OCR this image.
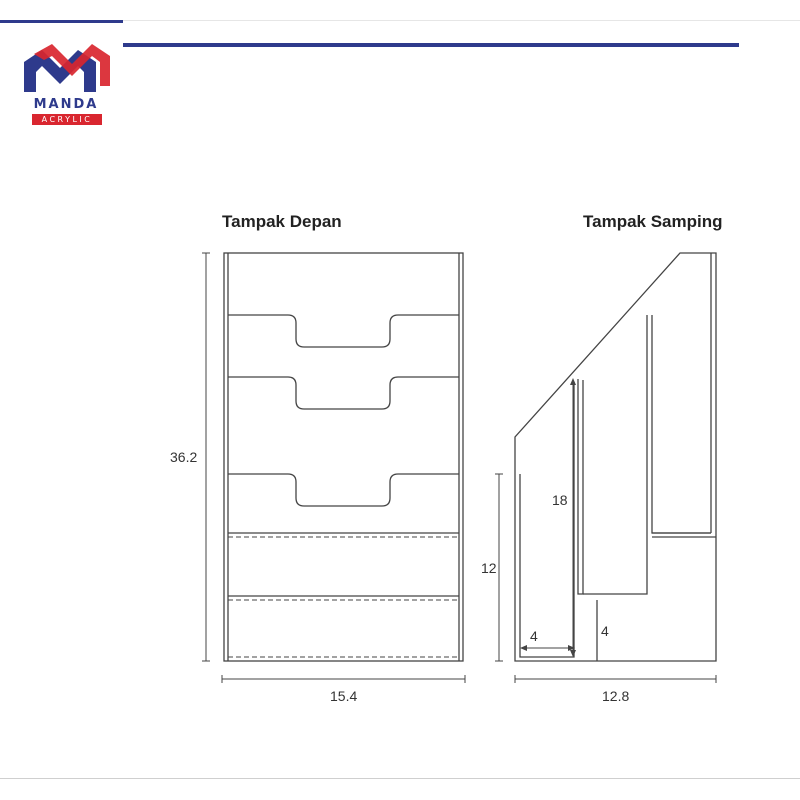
MANDA
ACRYLIC
Tampak Depan	Tampak Samping
36.2
15.4
18
12
4	4
12.8
